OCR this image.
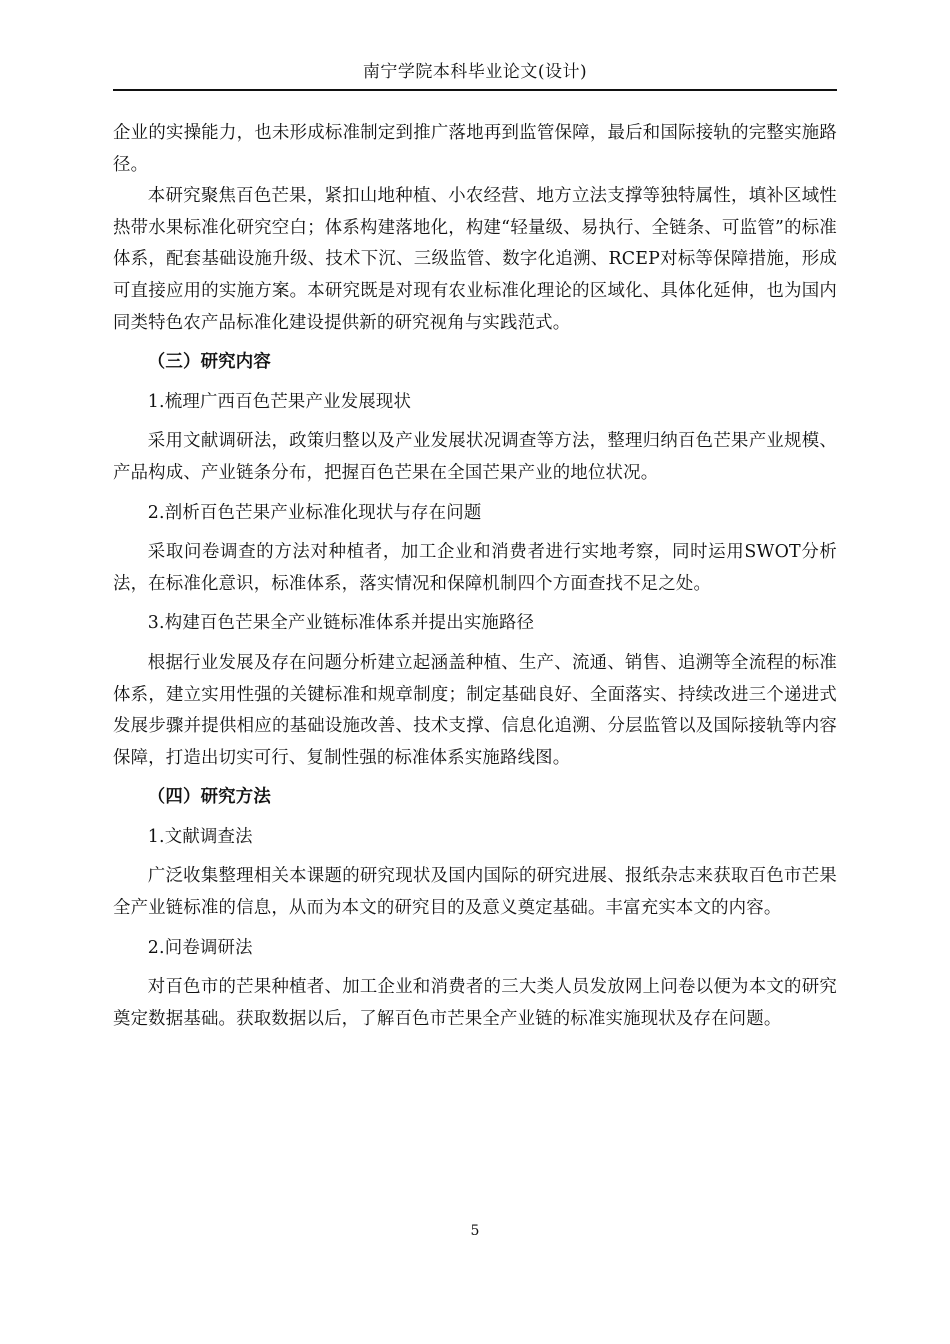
南宁学院本科毕业论文(设计)

企业的实操能力，也未形成标准制定到推广落地再到监管保障，最后和国际接轨的完整实施路径。

本研究聚焦百色芒果，紧扣山地种植、小农经营、地方立法支撑等独特属性，填补区域性热带水果标准化研究空白；体系构建落地化，构建“轻量级、易执行、全链条、可监管”的标准体系，配套基础设施升级、技术下沉、三级监管、数字化追溯、RCEP对标等保障措施，形成可直接应用的实施方案。本研究既是对现有农业标准化理论的区域化、具体化延伸，也为国内同类特色农产品标准化建设提供新的研究视角与实践范式。

（三）研究内容

1.梳理广西百色芒果产业发展现状

采用文献调研法，政策归整以及产业发展状况调查等方法，整理归纳百色芒果产业规模、产品构成、产业链条分布，把握百色芒果在全国芒果产业的地位状况。

2.剖析百色芒果产业标准化现状与存在问题

采取问卷调查的方法对种植者，加工企业和消费者进行实地考察，同时运用SWOT分析法，在标准化意识，标准体系，落实情况和保障机制四个方面查找不足之处。

3.构建百色芒果全产业链标准体系并提出实施路径

根据行业发展及存在问题分析建立起涵盖种植、生产、流通、销售、追溯等全流程的标准体系，建立实用性强的关键标准和规章制度；制定基础良好、全面落实、持续改进三个递进式发展步骤并提供相应的基础设施改善、技术支撑、信息化追溯、分层监管以及国际接轨等内容保障，打造出切实可行、复制性强的标准体系实施路线图。

（四）研究方法

1.文献调查法

广泛收集整理相关本课题的研究现状及国内国际的研究进展、报纸杂志来获取百色市芒果全产业链标准的信息，从而为本文的研究目的及意义奠定基础。丰富充实本文的内容。

2.问卷调研法

对百色市的芒果种植者、加工企业和消费者的三大类人员发放网上问卷以便为本文的研究奠定数据基础。获取数据以后，了解百色市芒果全产业链的标准实施现状及存在问题。

5
